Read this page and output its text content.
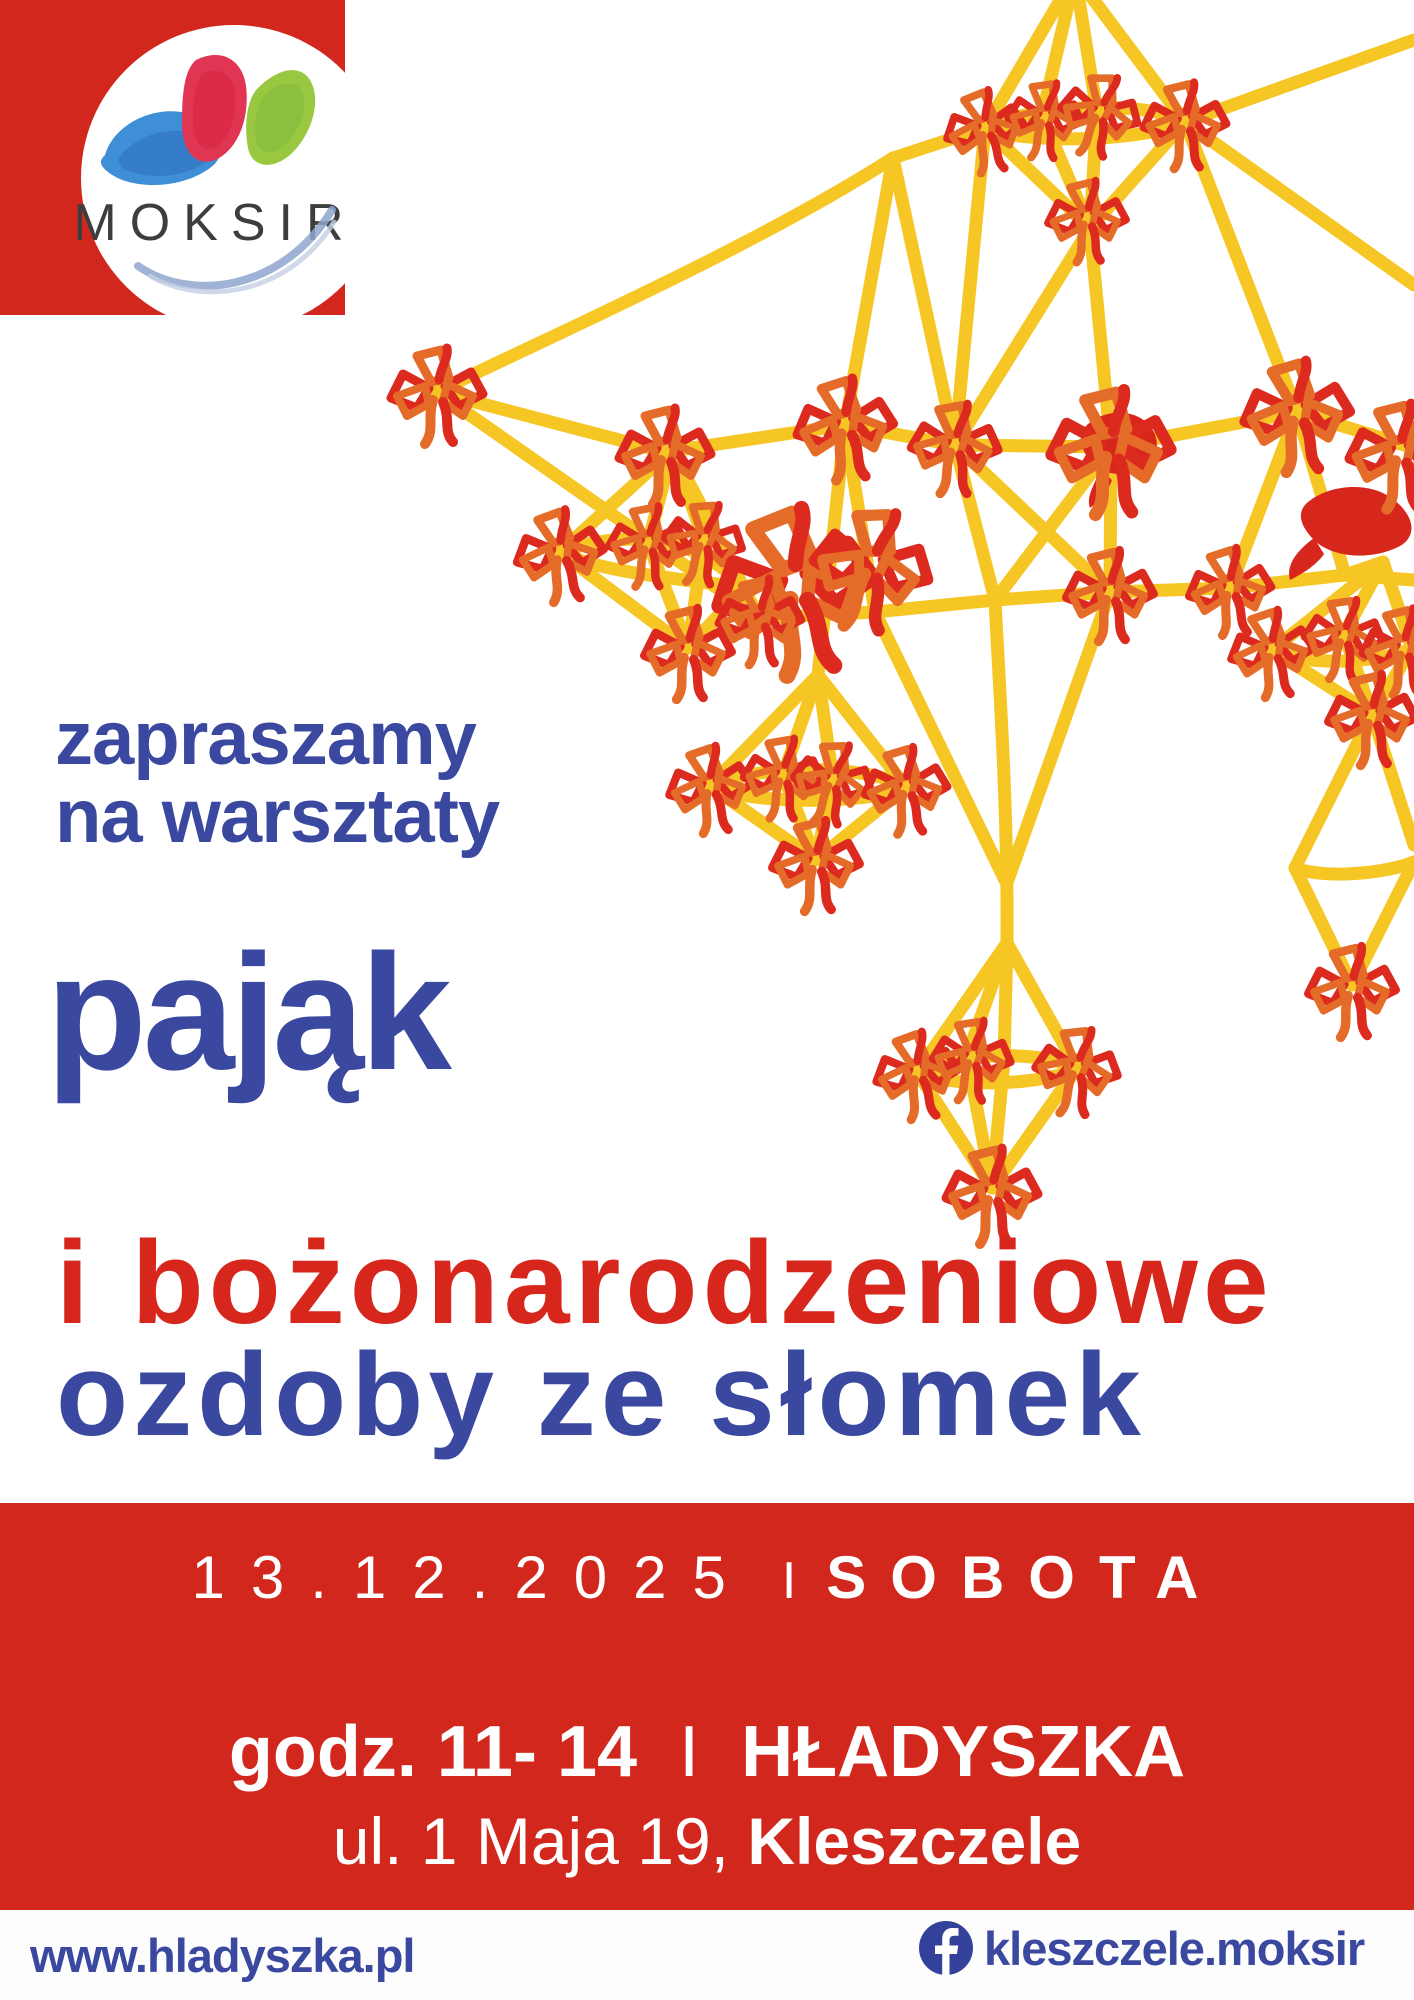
MOKSIR
zapraszamy
na warsztaty
pająk
i bożonarodzeniowe
ozdoby ze słomek
13.12.2025 I SOBOTA
godz. 11- 14 I HŁADYSZKA
ul. 1 Maja 19, Kleszczele
www.hladyszka.pl	kleszczele.moksir
